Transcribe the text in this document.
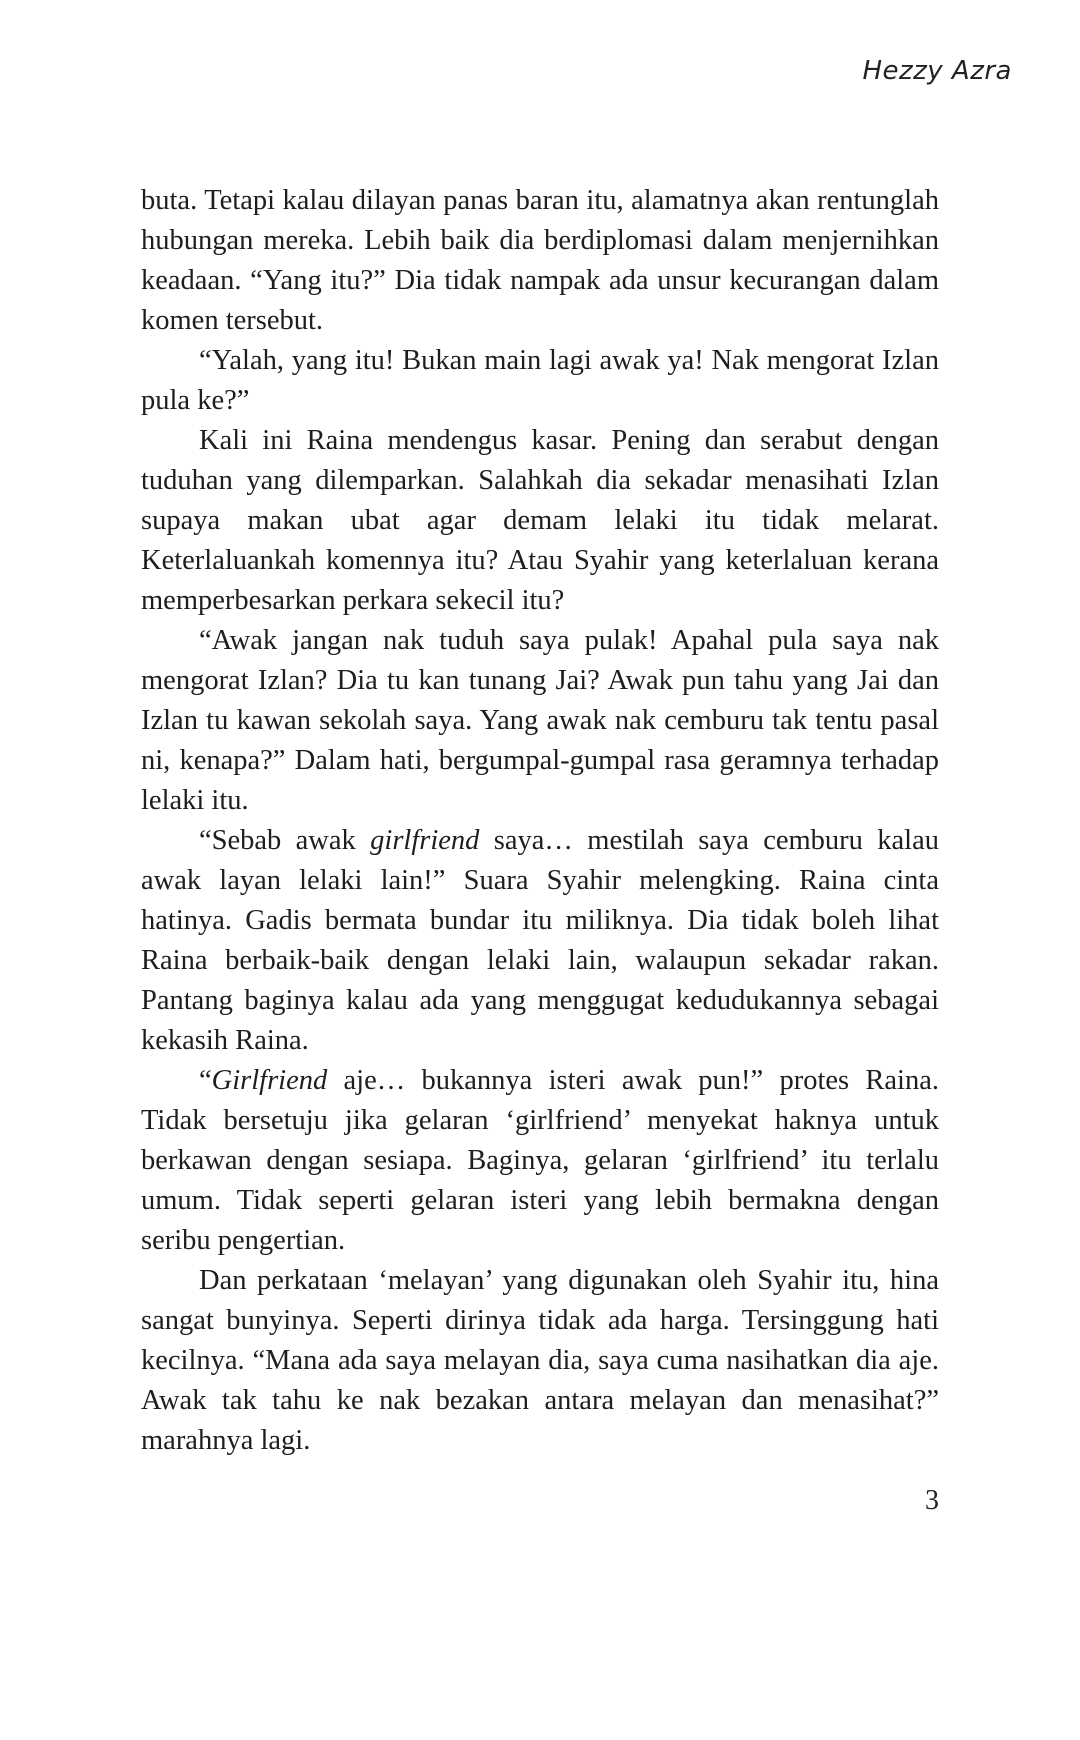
Hezzy Azra

buta. Tetapi kalau dilayan panas baran itu, alamatnya akan rentunglah hubungan mereka. Lebih baik dia berdiplomasi dalam menjernihkan keadaan. “Yang itu?” Dia tidak nampak ada unsur kecurangan dalam komen tersebut.

“Yalah, yang itu! Bukan main lagi awak ya! Nak mengorat Izlan pula ke?”

Kali ini Raina mendengus kasar. Pening dan serabut dengan tuduhan yang dilemparkan. Salahkah dia sekadar menasihati Izlan supaya makan ubat agar demam lelaki itu tidak melarat. Keterlaluankah komennya itu? Atau Syahir yang keterlaluan kerana memperbesarkan perkara sekecil itu?

“Awak jangan nak tuduh saya pulak! Apahal pula saya nak mengorat Izlan? Dia tu kan tunang Jai? Awak pun tahu yang Jai dan Izlan tu kawan sekolah saya. Yang awak nak cemburu tak tentu pasal ni, kenapa?” Dalam hati, bergumpal-gumpal rasa geramnya terhadap lelaki itu.

“Sebab awak girlfriend saya… mestilah saya cemburu kalau awak layan lelaki lain!” Suara Syahir melengking. Raina cinta hatinya. Gadis bermata bundar itu miliknya. Dia tidak boleh lihat Raina berbaik-baik dengan lelaki lain, walaupun sekadar rakan. Pantang baginya kalau ada yang menggugat kedudukannya sebagai kekasih Raina.

“Girlfriend aje… bukannya isteri awak pun!” protes Raina. Tidak bersetuju jika gelaran ‘girlfriend’ menyekat haknya untuk berkawan dengan sesiapa. Baginya, gelaran ‘girlfriend’ itu terlalu umum. Tidak seperti gelaran isteri yang lebih bermakna dengan seribu pengertian.

Dan perkataan ‘melayan’ yang digunakan oleh Syahir itu, hina sangat bunyinya. Seperti dirinya tidak ada harga. Tersinggung hati kecilnya. “Mana ada saya melayan dia, saya cuma nasihatkan dia aje. Awak tak tahu ke nak bezakan antara melayan dan menasihat?” marahnya lagi.

3
